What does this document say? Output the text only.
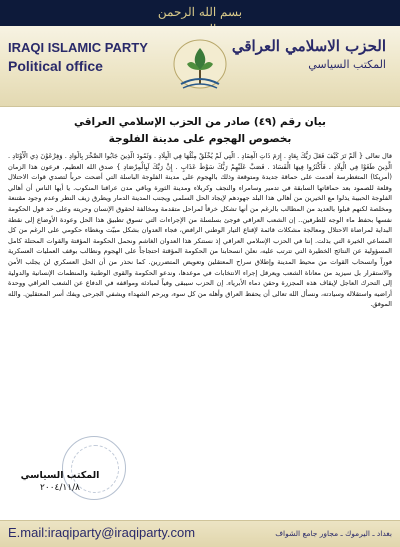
بسم الله الرحمن
IRAQI ISLAMIC PARTY
Political office
الحزب الاسلامي العراقي
المكتب السياسي
بيان رقم (٤٩) صادر من الحزب الإسلامي العراقي
بخصوص الهجوم على مدينة الفلوجة
قال تعالى { أَلَمْ تَرَ كَيْفَ فَعَلَ رَبُّكَ بِعَادٍ . إِرَمَ ذَاتِ الْعِمَادِ . الَّتِي لَمْ يُخْلَقْ مِثْلُهَا فِي الْبِلَادِ . وَثَمُودَ الَّذِينَ جَابُوا الصَّخْرَ بِالْوَادِ . وَفِرْعَوْنَ ذِي الْأَوْتَادِ . الَّذِينَ طَغَوْا فِي الْبِلَادِ . فَأَكْثَرُوا فِيهَا الْفَسَادَ . فَصَبَّ عَلَيْهِمْ رَبُّكَ سَوْطَ عَذَابٍ . إِنَّ رَبَّكَ لَبِالْمِرْصَادِ } صدق الله العظيم. فرعون هذا الزمان (أمريكا) المتغطرسة أقدمت على حماقة جديدة ومتوقعة وذلك بالهجوم على مدينة الفلوجة الباسلة التي أضحت حرباً لتصدي قوات الاحتلال وقلعة للصمود بعد حماقاتها السابقة في تدمير وسامراء والنجف وكربلاء ومدينة الثورة وباقي مدن عراقنا المنكوب. يا أيها الناس أن أهالي الفلوجة الحبيبة يذلوا مع الخيرين من أهالي هذا البلد جهودهم لإيجاد الحل السلمي ويجنب المدينة الدمار ويطرق زيف النظر وعدم وجود مقتنعة ومخلصة لكنهم قبلوا بالعديد من المطالب بالرغم من أنها تشكل خرقاً لمراحل متقدمة ومخالفة لحقوق الإنسان وحريته وعلى حد قول الحكومة نفسها بحفظ ماء الوجه للطرفين.. إن الشعب العراقي فوجئ بسلسلة من الإجراءات التي تسوق تطبيق هذا الحل وعودة الأوضاع إلى نقطة البداية لمراضاة الاحتلال ومعالجة مشكلات قائمة لإقناع التيار الوطني الرافض، فجاء العدوان بشكل مبيّت وبغطاء حكومي على الرغم من كل المساعي الخيرة التي بذلت. إننا في الحزب الإسلامي العراقي إذ نستنكر هذا العدوان الغاشم ونحمل الحكومة المؤقتة والقوات المحتلة كامل المسؤولية عن النتائج الخطيرة التي تترتب عليه، نعلن انسحابنا من الحكومة المؤقتة احتجاجاً على الهجوم ونطالب بوقف العمليات العسكرية فوراً وانسحاب القوات من محيط المدينة وإطلاق سراح المعتقلين وتعويض المتضررين. كما نحذر من أن الحل العسكري لن يجلب الأمن والاستقرار بل سيزيد من معاناة الشعب ويعرقل إجراء الانتخابات في موعدها، وندعو الحكومة والقوى الوطنية والمنظمات الإنسانية والدولية إلى التحرك العاجل لإيقاف هذه المجزرة وحقن دماء الأبرياء. إن الحزب سيبقى وفياً لمبادئه ومواقفه في الدفاع عن الشعب العراقي ووحدة أراضيه واستقلاله وسيادته، ونسأل الله تعالى أن يحفظ العراق وأهله من كل سوء، ويرحم الشهداء ويشفي الجرحى ويفك أسر المعتقلين. والله الموفق.
المكتب السياسي
٢٠٠٤/١١/٨
E.mail:iraqiparty@iraqiparty.com	بغداد ـ اليرموك ـ مجاور جامع الشواف
